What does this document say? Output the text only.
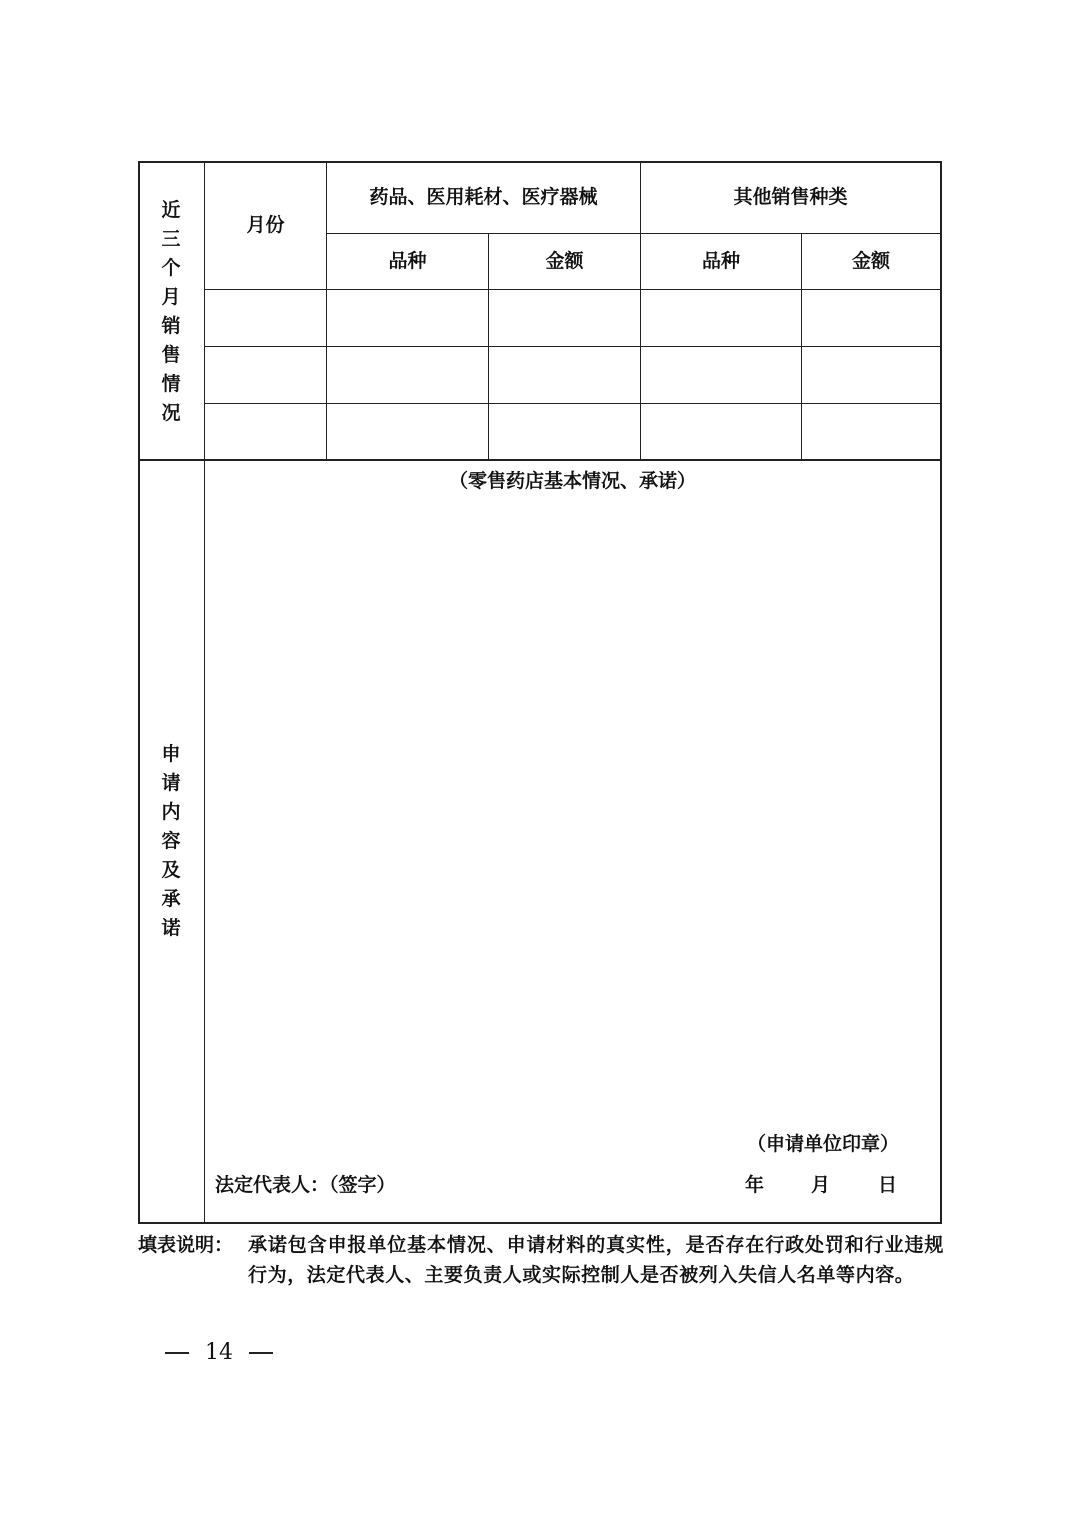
近
三
个
月
销
售
情
况
月份
药品、医用耗材、医疗器械	其他销售种类
品种	金额	品种	金额
申
请
内
容
及
承
诺
（零售药店基本情况、承诺）
（申请单位印章）
法定代表人：（签字）	年 月	日
填表说明： 承诺包含申报单位基本情况、申请材料的真实性，是否存在行政处罚和行业违规行为，法定代表人、主要负责人或实际控制人是否被列入失信人名单等内容。
14
